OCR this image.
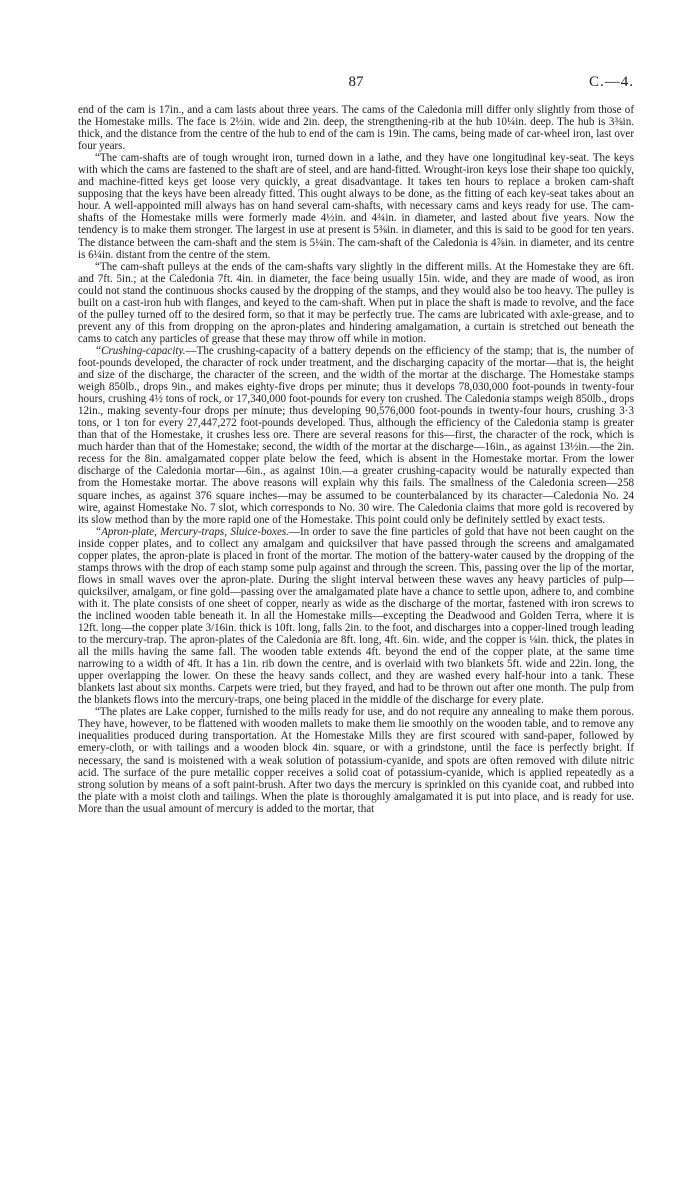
87	C.—4.

end of the cam is 17in., and a cam lasts about three years. The cams of the Caledonia mill differ only slightly from those of the Homestake mills. The face is 2½in. wide and 2in. deep, the strengthening-rib at the hub 10¼in. deep. The hub is 3⅜in. thick, and the distance from the centre of the hub to end of the cam is 19in. The cams, being made of car-wheel iron, last over four years.

“The cam-shafts are of tough wrought iron, turned down in a lathe, and they have one longitudinal key-seat. The keys with which the cams are fastened to the shaft are of steel, and are hand-fitted. Wrought-iron keys lose their shape too quickly, and machine-fitted keys get loose very quickly, a great disadvantage. It takes ten hours to replace a broken cam-shaft supposing that the keys have been already fitted. This ought always to be done, as the fitting of each key-seat takes about an hour. A well-appointed mill always has on hand several cam-shafts, with necessary cams and keys ready for use. The cam-shafts of the Homestake mills were formerly made 4½in. and 4¾in. in diameter, and lasted about five years. Now the tendency is to make them stronger. The largest in use at present is 5⅜in. in diameter, and this is said to be good for ten years. The distance between the cam-shaft and the stem is 5¼in. The cam-shaft of the Caledonia is 4⅞in. in diameter, and its centre is 6¼in. distant from the centre of the stem.

“The cam-shaft pulleys at the ends of the cam-shafts vary slightly in the different mills. At the Homestake they are 6ft. and 7ft. 5in.; at the Caledonia 7ft. 4in. in diameter, the face being usually 15in. wide, and they are made of wood, as iron could not stand the continuous shocks caused by the dropping of the stamps, and they would also be too heavy. The pulley is built on a cast-iron hub with flanges, and keyed to the cam-shaft. When put in place the shaft is made to revolve, and the face of the pulley turned off to the desired form, so that it may be perfectly true. The cams are lubricated with axle-grease, and to prevent any of this from dropping on the apron-plates and hindering amalgamation, a curtain is stretched out beneath the cams to catch any particles of grease that these may throw off while in motion.

“Crushing-capacity.—The crushing-capacity of a battery depends on the efficiency of the stamp; that is, the number of foot-pounds developed, the character of rock under treatment, and the discharging capacity of the mortar—that is, the height and size of the discharge, the character of the screen, and the width of the mortar at the discharge. The Homestake stamps weigh 850lb., drops 9in., and makes eighty-five drops per minute; thus it develops 78,030,000 foot-pounds in twenty-four hours, crushing 4½ tons of rock, or 17,340,000 foot-pounds for every ton crushed. The Caledonia stamps weigh 850lb., drops 12in., making seventy-four drops per minute; thus developing 90,576,000 foot-pounds in twenty-four hours, crushing 3·3 tons, or 1 ton for every 27,447,272 foot-pounds developed. Thus, although the efficiency of the Caledonia stamp is greater than that of the Homestake, it crushes less ore. There are several reasons for this—first, the character of the rock, which is much harder than that of the Homestake; second, the width of the mortar at the discharge—16in., as against 13½in.—the 2in. recess for the 8in. amalgamated copper plate below the feed, which is absent in the Homestake mortar. From the lower discharge of the Caledonia mortar—6in., as against 10in.—a greater crushing-capacity would be naturally expected than from the Homestake mortar. The above reasons will explain why this fails. The smallness of the Caledonia screen—258 square inches, as against 376 square inches—may be assumed to be counterbalanced by its character—Caledonia No. 24 wire, against Homestake No. 7 slot, which corresponds to No. 30 wire. The Caledonia claims that more gold is recovered by its slow method than by the more rapid one of the Homestake. This point could only be definitely settled by exact tests.

“Apron-plate, Mercury-traps, Sluice-boxes.—In order to save the fine particles of gold that have not been caught on the inside copper plates, and to collect any amalgam and quicksilver that have passed through the screens and amalgamated copper plates, the apron-plate is placed in front of the mortar. The motion of the battery-water caused by the dropping of the stamps throws with the drop of each stamp some pulp against and through the screen. This, passing over the lip of the mortar, flows in small waves over the apron-plate. During the slight interval between these waves any heavy particles of pulp—quicksilver, amalgam, or fine gold—passing over the amalgamated plate have a chance to settle upon, adhere to, and combine with it. The plate consists of one sheet of copper, nearly as wide as the discharge of the mortar, fastened with iron screws to the inclined wooden table beneath it. In all the Homestake mills—excepting the Deadwood and Golden Terra, where it is 12ft. long—the copper plate 3/16in. thick is 10ft. long, falls 2in. to the foot, and discharges into a copper-lined trough leading to the mercury-trap. The apron-plates of the Caledonia are 8ft. long, 4ft. 6in. wide, and the copper is ⅛in. thick, the plates in all the mills having the same fall. The wooden table extends 4ft. beyond the end of the copper plate, at the same time narrowing to a width of 4ft. It has a 1in. rib down the centre, and is overlaid with two blankets 5ft. wide and 22in. long, the upper overlapping the lower. On these the heavy sands collect, and they are washed every half-hour into a tank. These blankets last about six months. Carpets were tried, but they frayed, and had to be thrown out after one month. The pulp from the blankets flows into the mercury-traps, one being placed in the middle of the discharge for every plate.

“The plates are Lake copper, furnished to the mills ready for use, and do not require any annealing to make them porous. They have, however, to be flattened with wooden mallets to make them lie smoothly on the wooden table, and to remove any inequalities produced during transportation. At the Homestake Mills they are first scoured with sand-paper, followed by emery-cloth, or with tailings and a wooden block 4in. square, or with a grindstone, until the face is perfectly bright. If necessary, the sand is moistened with a weak solution of potassium-cyanide, and spots are often removed with dilute nitric acid. The surface of the pure metallic copper receives a solid coat of potassium-cyanide, which is applied repeatedly as a strong solution by means of a soft paint-brush. After two days the mercury is sprinkled on this cyanide coat, and rubbed into the plate with a moist cloth and tailings. When the plate is thoroughly amalgamated it is put into place, and is ready for use. More than the usual amount of mercury is added to the mortar, that
